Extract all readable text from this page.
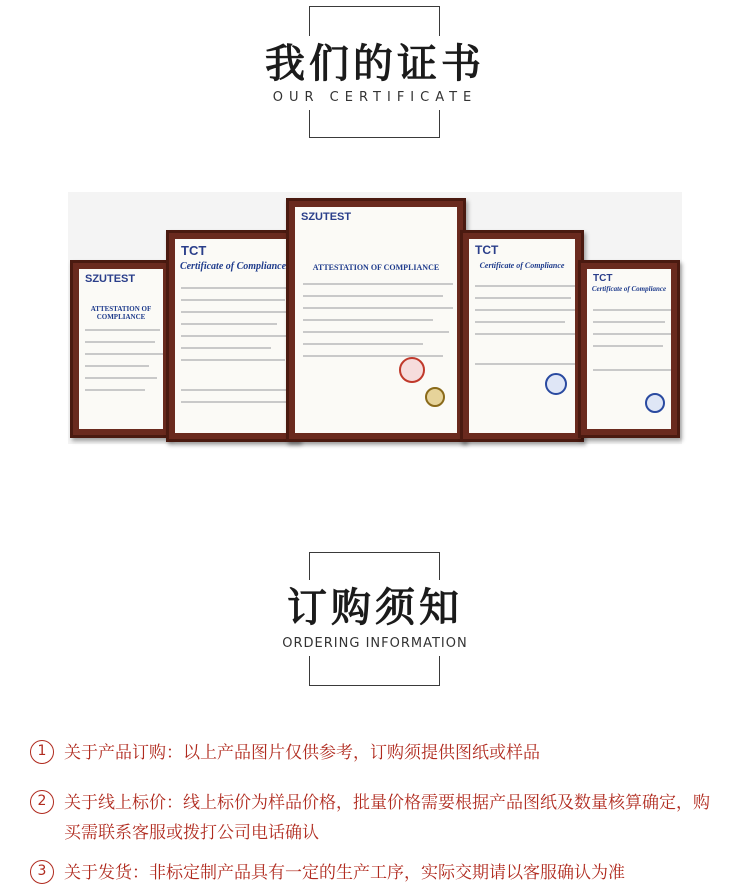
我们的证书
OUR CERTIFICATE
SZUTEST
ATTESTATION OF COMPLIANCE
TCT
Certificate of Compliance
SZUTEST
ATTESTATION OF COMPLIANCE
TCT
Certificate of Compliance
TCT
Certificate of Compliance
订购须知
ORDERING INFORMATION
1	关于产品订购：以上产品图片仅供参考，订购须提供图纸或样品
2	关于线上标价：线上标价为样品价格，批量价格需要根据产品图纸及数量核算确定，购买需联系客服或拨打公司电话确认
3	关于发货：非标定制产品具有一定的生产工序，实际交期请以客服确认为准
